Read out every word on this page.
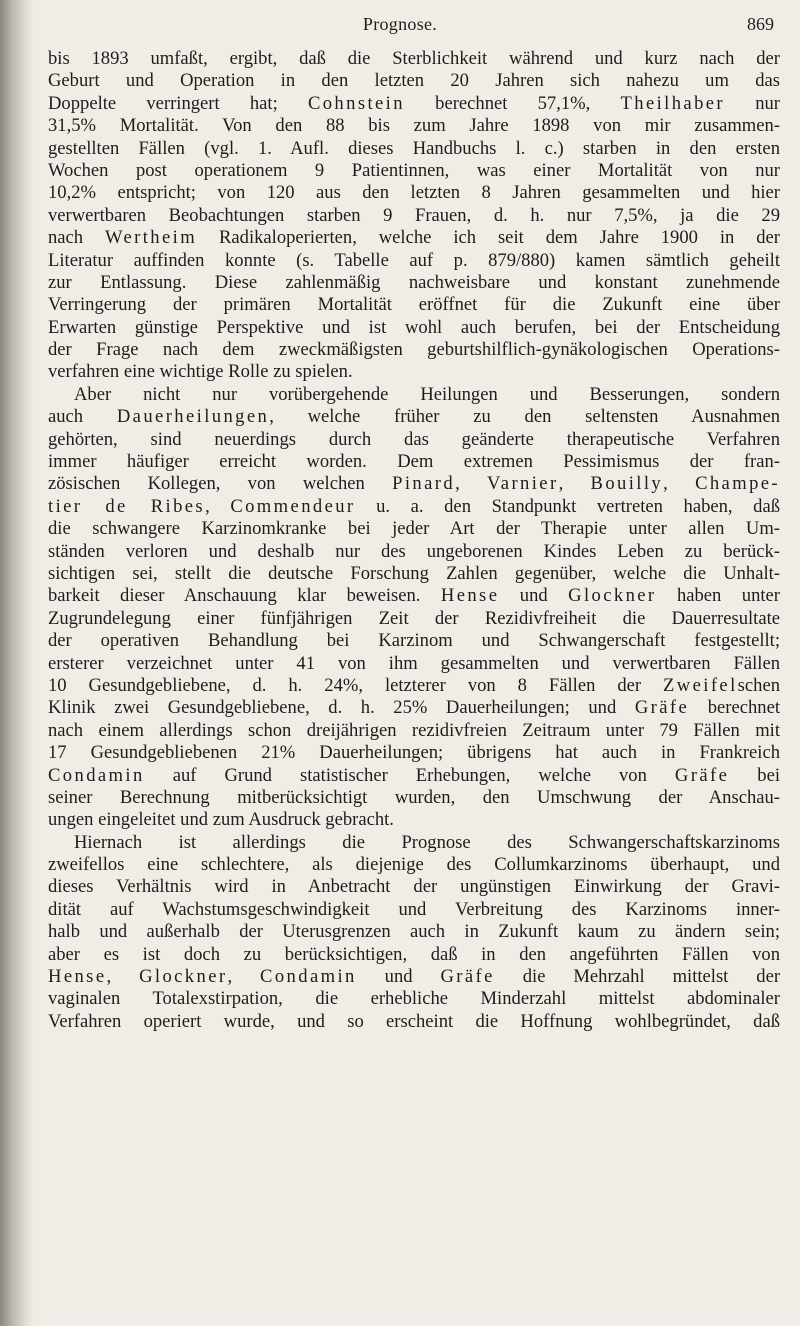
Prognose.	869
bis 1893 umfaßt, ergibt, daß die Sterblichkeit während und kurz nach der
Geburt und Operation in den letzten 20 Jahren sich nahezu um das
Doppelte verringert hat; Cohnstein berechnet 57,1%, Theilhaber nur
31,5% Mortalität. Von den 88 bis zum Jahre 1898 von mir zusammen-
gestellten Fällen (vgl. 1. Aufl. dieses Handbuchs l. c.) starben in den ersten
Wochen post operationem 9 Patientinnen, was einer Mortalität von nur
10,2% entspricht; von 120 aus den letzten 8 Jahren gesammelten und hier
verwertbaren Beobachtungen starben 9 Frauen, d. h. nur 7,5%, ja die 29
nach Wertheim Radikaloperierten, welche ich seit dem Jahre 1900 in der
Literatur auffinden konnte (s. Tabelle auf p. 879/880) kamen sämtlich geheilt
zur Entlassung. Diese zahlenmäßig nachweisbare und konstant zunehmende
Verringerung der primären Mortalität eröffnet für die Zukunft eine über
Erwarten günstige Perspektive und ist wohl auch berufen, bei der Entscheidung
der Frage nach dem zweckmäßigsten geburtshilflich-gynäkologischen Operations-
verfahren eine wichtige Rolle zu spielen.
Aber nicht nur vorübergehende Heilungen und Besserungen, sondern
auch Dauerheilungen, welche früher zu den seltensten Ausnahmen
gehörten, sind neuerdings durch das geänderte therapeutische Verfahren
immer häufiger erreicht worden. Dem extremen Pessimismus der fran-
zösischen Kollegen, von welchen Pinard, Varnier, Bouilly, Champe-
tier de Ribes, Commendeur u. a. den Standpunkt vertreten haben, daß
die schwangere Karzinomkranke bei jeder Art der Therapie unter allen Um-
ständen verloren und deshalb nur des ungeborenen Kindes Leben zu berück-
sichtigen sei, stellt die deutsche Forschung Zahlen gegenüber, welche die Unhalt-
barkeit dieser Anschauung klar beweisen. Hense und Glockner haben unter
Zugrundelegung einer fünfjährigen Zeit der Rezidivfreiheit die Dauerresultate
der operativen Behandlung bei Karzinom und Schwangerschaft festgestellt;
ersterer verzeichnet unter 41 von ihm gesammelten und verwertbaren Fällen
10 Gesundgebliebene, d. h. 24%, letzterer von 8 Fällen der Zweifelschen
Klinik zwei Gesundgebliebene, d. h. 25% Dauerheilungen; und Gräfe berechnet
nach einem allerdings schon dreijährigen rezidivfreien Zeitraum unter 79 Fällen mit
17 Gesundgebliebenen 21% Dauerheilungen; übrigens hat auch in Frankreich
Condamin auf Grund statistischer Erhebungen, welche von Gräfe bei
seiner Berechnung mitberücksichtigt wurden, den Umschwung der Anschau-
ungen eingeleitet und zum Ausdruck gebracht.
Hiernach ist allerdings die Prognose des Schwangerschaftskarzinoms
zweifellos eine schlechtere, als diejenige des Collumkarzinoms überhaupt, und
dieses Verhältnis wird in Anbetracht der ungünstigen Einwirkung der Gravi-
dität auf Wachstumsgeschwindigkeit und Verbreitung des Karzinoms inner-
halb und außerhalb der Uterusgrenzen auch in Zukunft kaum zu ändern sein;
aber es ist doch zu berücksichtigen, daß in den angeführten Fällen von
Hense, Glockner, Condamin und Gräfe die Mehrzahl mittelst der
vaginalen Totalexstirpation, die erhebliche Minderzahl mittelst abdominaler
Verfahren operiert wurde, und so erscheint die Hoffnung wohlbegründet, daß
